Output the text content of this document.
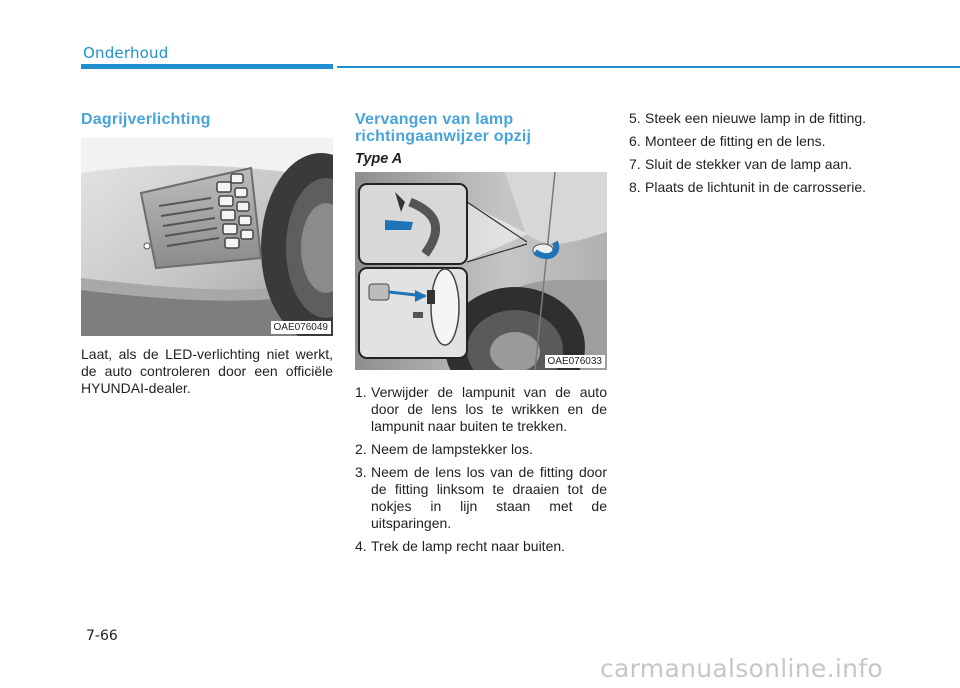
Onderhoud
Dagrijverlichting
OAE076049

Laat, als de LED-verlichting niet werkt, de auto controleren door een officiële HYUNDAI-dealer.

Vervangen van lamp
richtingaanwijzer opzij
Type A
OAE076033
1. Verwijder de lampunit van de auto door de lens los te wrikken en de lampunit naar buiten te trekken.
2. Neem de lampstekker los.
3. Neem de lens los van de fitting door de fitting linksom te draaien tot de nokjes in lijn staan met de uitsparingen.
4. Trek de lamp recht naar buiten.
5. Steek een nieuwe lamp in de fitting.
6. Monteer de fitting en de lens.
7. Sluit de stekker van de lamp aan.
8. Plaats de lichtunit in de carrosserie.
7-66
carmanualsonline.info
